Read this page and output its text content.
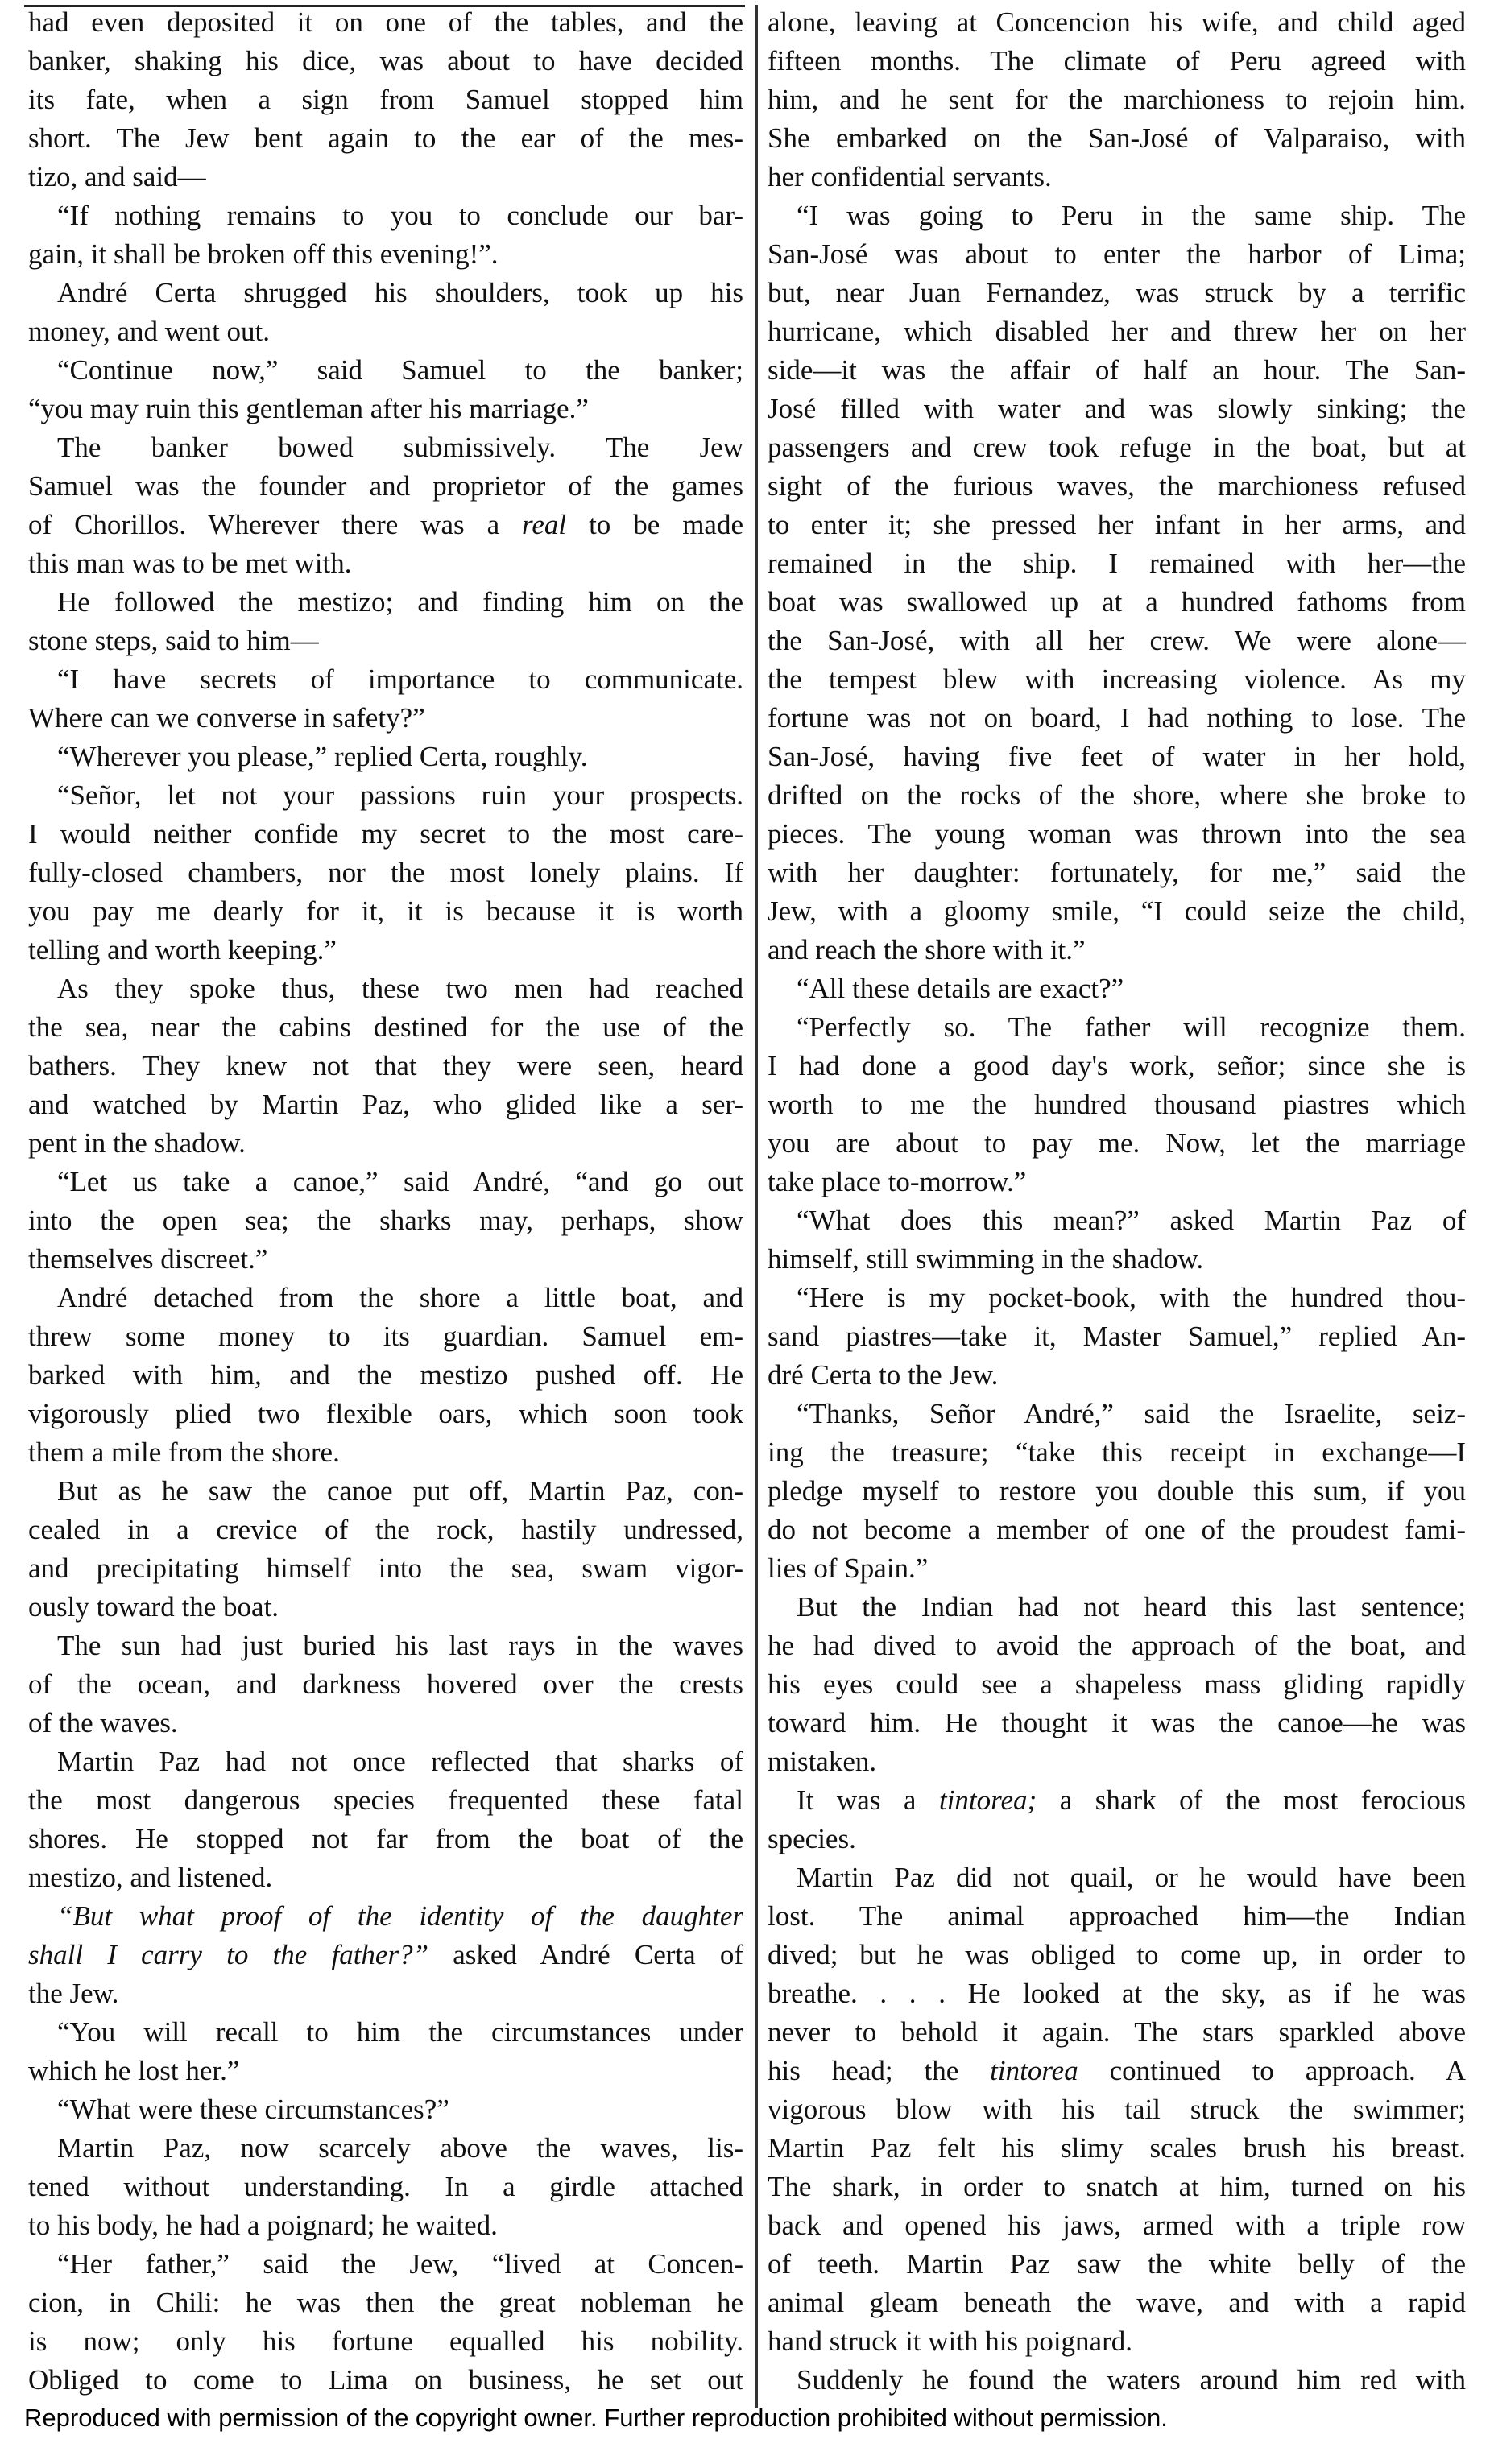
had even deposited it on one of the tables, and the
banker, shaking his dice, was about to have decided
its fate, when a sign from Samuel stopped him
short. The Jew bent again to the ear of the mes-
tizo, and said—
“If nothing remains to you to conclude our bar-
gain, it shall be broken off this evening!”.
André Certa shrugged his shoulders, took up his
money, and went out.
“Continue now,” said Samuel to the banker;
“you may ruin this gentleman after his marriage.”
The banker bowed submissively. The Jew
Samuel was the founder and proprietor of the games
of Chorillos. Wherever there was a real to be made
this man was to be met with.
He followed the mestizo; and finding him on the
stone steps, said to him—
“I have secrets of importance to communicate.
Where can we converse in safety?”
“Wherever you please,” replied Certa, roughly.
“Señor, let not your passions ruin your prospects.
I would neither confide my secret to the most care-
fully-closed chambers, nor the most lonely plains. If
you pay me dearly for it, it is because it is worth
telling and worth keeping.”
As they spoke thus, these two men had reached
the sea, near the cabins destined for the use of the
bathers. They knew not that they were seen, heard
and watched by Martin Paz, who glided like a ser-
pent in the shadow.
“Let us take a canoe,” said André, “and go out
into the open sea; the sharks may, perhaps, show
themselves discreet.”
André detached from the shore a little boat, and
threw some money to its guardian. Samuel em-
barked with him, and the mestizo pushed off. He
vigorously plied two flexible oars, which soon took
them a mile from the shore.
But as he saw the canoe put off, Martin Paz, con-
cealed in a crevice of the rock, hastily undressed,
and precipitating himself into the sea, swam vigor-
ously toward the boat.
The sun had just buried his last rays in the waves
of the ocean, and darkness hovered over the crests
of the waves.
Martin Paz had not once reflected that sharks of
the most dangerous species frequented these fatal
shores. He stopped not far from the boat of the
mestizo, and listened.
“But what proof of the identity of the daughter
shall I carry to the father?” asked André Certa of
the Jew.
“You will recall to him the circumstances under
which he lost her.”
“What were these circumstances?”
Martin Paz, now scarcely above the waves, lis-
tened without understanding. In a girdle attached
to his body, he had a poignard; he waited.
“Her father,” said the Jew, “lived at Concen-
cion, in Chili: he was then the great nobleman he
is now; only his fortune equalled his nobility.
Obliged to come to Lima on business, he set out
alone, leaving at Concencion his wife, and child aged
fifteen months. The climate of Peru agreed with
him, and he sent for the marchioness to rejoin him.
She embarked on the San-José of Valparaiso, with
her confidential servants.
“I was going to Peru in the same ship. The
San-José was about to enter the harbor of Lima;
but, near Juan Fernandez, was struck by a terrific
hurricane, which disabled her and threw her on her
side—it was the affair of half an hour. The San-
José filled with water and was slowly sinking; the
passengers and crew took refuge in the boat, but at
sight of the furious waves, the marchioness refused
to enter it; she pressed her infant in her arms, and
remained in the ship. I remained with her—the
boat was swallowed up at a hundred fathoms from
the San-José, with all her crew. We were alone—
the tempest blew with increasing violence. As my
fortune was not on board, I had nothing to lose. The
San-José, having five feet of water in her hold,
drifted on the rocks of the shore, where she broke to
pieces. The young woman was thrown into the sea
with her daughter: fortunately, for me,” said the
Jew, with a gloomy smile, “I could seize the child,
and reach the shore with it.”
“All these details are exact?”
“Perfectly so. The father will recognize them.
I had done a good day's work, señor; since she is
worth to me the hundred thousand piastres which
you are about to pay me. Now, let the marriage
take place to-morrow.”
“What does this mean?” asked Martin Paz of
himself, still swimming in the shadow.
“Here is my pocket-book, with the hundred thou-
sand piastres—take it, Master Samuel,” replied An-
dré Certa to the Jew.
“Thanks, Señor André,” said the Israelite, seiz-
ing the treasure; “take this receipt in exchange—I
pledge myself to restore you double this sum, if you
do not become a member of one of the proudest fami-
lies of Spain.”
But the Indian had not heard this last sentence;
he had dived to avoid the approach of the boat, and
his eyes could see a shapeless mass gliding rapidly
toward him. He thought it was the canoe—he was
mistaken.
It was a tintorea; a shark of the most ferocious
species.
Martin Paz did not quail, or he would have been
lost. The animal approached him—the Indian
dived; but he was obliged to come up, in order to
breathe. . . . He looked at the sky, as if he was
never to behold it again. The stars sparkled above
his head; the tintorea continued to approach. A
vigorous blow with his tail struck the swimmer;
Martin Paz felt his slimy scales brush his breast.
The shark, in order to snatch at him, turned on his
back and opened his jaws, armed with a triple row
of teeth. Martin Paz saw the white belly of the
animal gleam beneath the wave, and with a rapid
hand struck it with his poignard.
Suddenly he found the waters around him red with
Reproduced with permission of the copyright owner. Further reproduction prohibited without permission.
